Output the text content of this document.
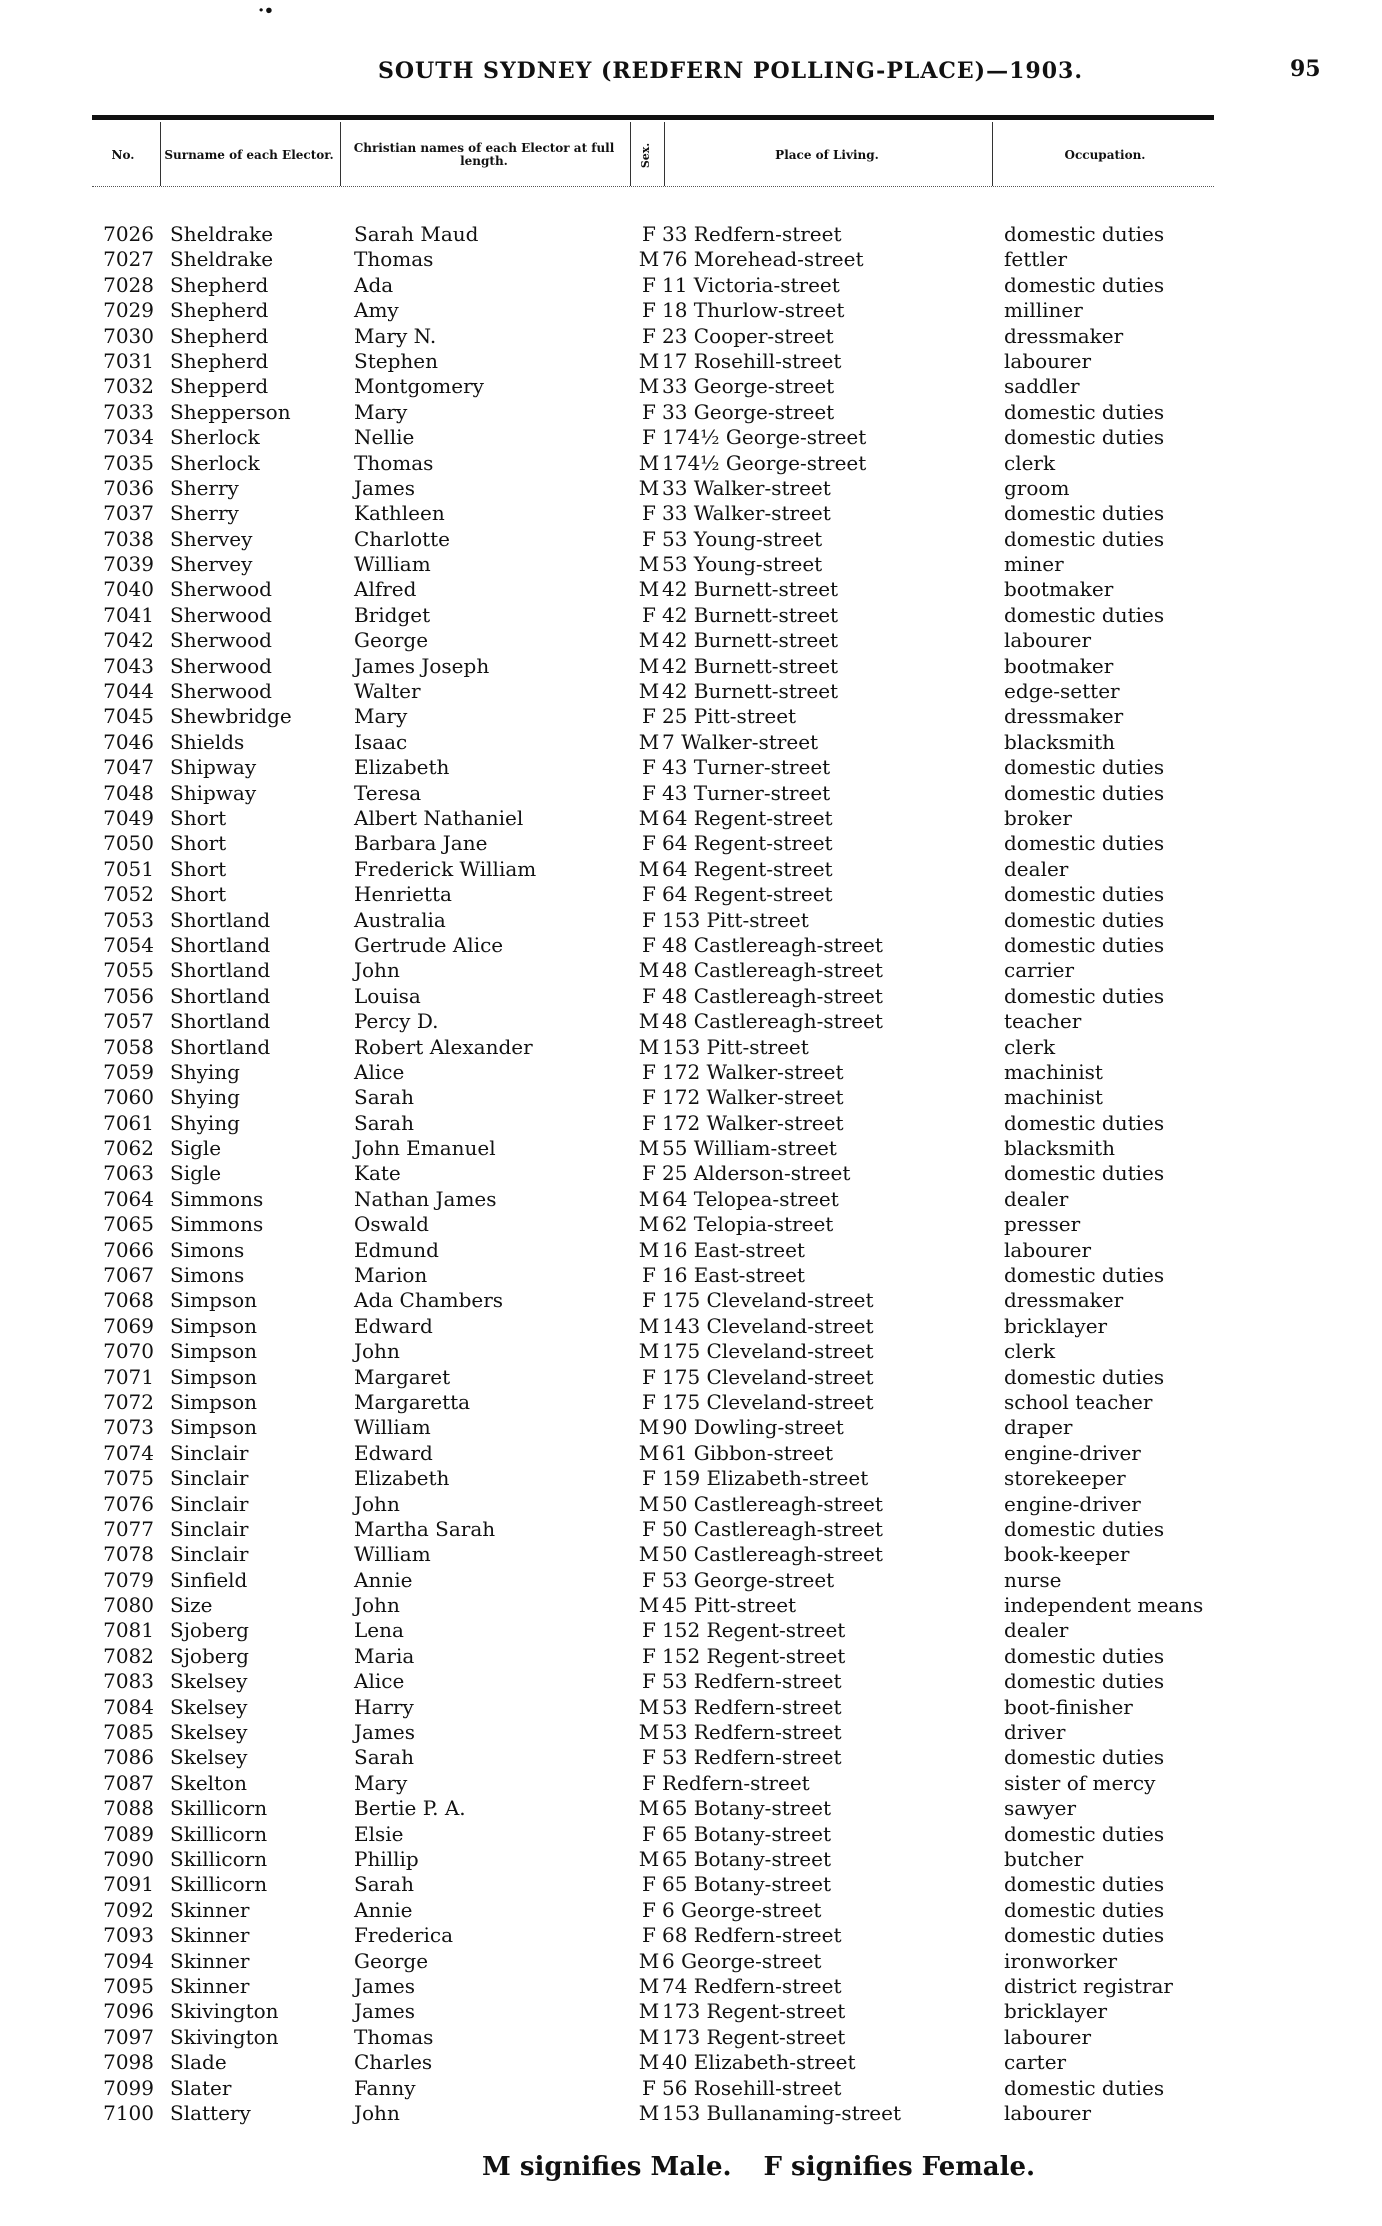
·∙
SOUTH SYDNEY (REDFERN POLLING-PLACE)—1903.	95
No.	Surname of each Elector.	Christian names of each Elector at full length.	Sex.	Place of Living.	Occupation.
7026 Sheldrake	Sarah Maud	F 33 Redfern-street	domestic duties
7027 Sheldrake	Thomas	M 76 Morehead-street	fettler
7028 Shepherd	Ada	F 11 Victoria-street	domestic duties
7029 Shepherd	Amy	F 18 Thurlow-street	milliner
7030 Shepherd	Mary N.	F 23 Cooper-street	dressmaker
7031 Shepherd	Stephen	M 17 Rosehill-street	labourer
7032 Shepperd	Montgomery	M 33 George-street	saddler
7033 Shepperson	Mary	F 33 George-street	domestic duties
7034 Sherlock	Nellie	F 174½ George-street	domestic duties
7035 Sherlock	Thomas	M 174½ George-street	clerk
7036 Sherry	James	M 33 Walker-street	groom
7037 Sherry	Kathleen	F 33 Walker-street	domestic duties
7038 Shervey	Charlotte	F 53 Young-street	domestic duties
7039 Shervey	William	M 53 Young-street	miner
7040 Sherwood	Alfred	M 42 Burnett-street	bootmaker
7041 Sherwood	Bridget	F 42 Burnett-street	domestic duties
7042 Sherwood	George	M 42 Burnett-street	labourer
7043 Sherwood	James Joseph	M 42 Burnett-street	bootmaker
7044 Sherwood	Walter	M 42 Burnett-street	edge-setter
7045 Shewbridge	Mary	F 25 Pitt-street	dressmaker
7046 Shields	Isaac	M 7 Walker-street	blacksmith
7047 Shipway	Elizabeth	F 43 Turner-street	domestic duties
7048 Shipway	Teresa	F 43 Turner-street	domestic duties
7049 Short	Albert Nathaniel	M 64 Regent-street	broker
7050 Short	Barbara Jane	F 64 Regent-street	domestic duties
7051 Short	Frederick William	M 64 Regent-street	dealer
7052 Short	Henrietta	F 64 Regent-street	domestic duties
7053 Shortland	Australia	F 153 Pitt-street	domestic duties
7054 Shortland	Gertrude Alice	F 48 Castlereagh-street	domestic duties
7055 Shortland	John	M 48 Castlereagh-street	carrier
7056 Shortland	Louisa	F 48 Castlereagh-street	domestic duties
7057 Shortland	Percy D.	M 48 Castlereagh-street	teacher
7058 Shortland	Robert Alexander	M 153 Pitt-street	clerk
7059 Shying	Alice	F 172 Walker-street	machinist
7060 Shying	Sarah	F 172 Walker-street	machinist
7061 Shying	Sarah	F 172 Walker-street	domestic duties
7062 Sigle	John Emanuel	M 55 William-street	blacksmith
7063 Sigle	Kate	F 25 Alderson-street	domestic duties
7064 Simmons	Nathan James	M 64 Telopea-street	dealer
7065 Simmons	Oswald	M 62 Telopia-street	presser
7066 Simons	Edmund	M 16 East-street	labourer
7067 Simons	Marion	F 16 East-street	domestic duties
7068 Simpson	Ada Chambers	F 175 Cleveland-street	dressmaker
7069 Simpson	Edward	M 143 Cleveland-street	bricklayer
7070 Simpson	John	M 175 Cleveland-street	clerk
7071 Simpson	Margaret	F 175 Cleveland-street	domestic duties
7072 Simpson	Margaretta	F 175 Cleveland-street	school teacher
7073 Simpson	William	M 90 Dowling-street	draper
7074 Sinclair	Edward	M 61 Gibbon-street	engine-driver
7075 Sinclair	Elizabeth	F 159 Elizabeth-street	storekeeper
7076 Sinclair	John	M 50 Castlereagh-street	engine-driver
7077 Sinclair	Martha Sarah	F 50 Castlereagh-street	domestic duties
7078 Sinclair	William	M 50 Castlereagh-street	book-keeper
7079 Sinfield	Annie	F 53 George-street	nurse
7080 Size	John	M 45 Pitt-street	independent means
7081 Sjoberg	Lena	F 152 Regent-street	dealer
7082 Sjoberg	Maria	F 152 Regent-street	domestic duties
7083 Skelsey	Alice	F 53 Redfern-street	domestic duties
7084 Skelsey	Harry	M 53 Redfern-street	boot-finisher
7085 Skelsey	James	M 53 Redfern-street	driver
7086 Skelsey	Sarah	F 53 Redfern-street	domestic duties
7087 Skelton	Mary	F Redfern-street	sister of mercy
7088 Skillicorn	Bertie P. A.	M 65 Botany-street	sawyer
7089 Skillicorn	Elsie	F 65 Botany-street	domestic duties
7090 Skillicorn	Phillip	M 65 Botany-street	butcher
7091 Skillicorn	Sarah	F 65 Botany-street	domestic duties
7092 Skinner	Annie	F 6 George-street	domestic duties
7093 Skinner	Frederica	F 68 Redfern-street	domestic duties
7094 Skinner	George	M 6 George-street	ironworker
7095 Skinner	James	M 74 Redfern-street	district registrar
7096 Skivington	James	M 173 Regent-street	bricklayer
7097 Skivington	Thomas	M 173 Regent-street	labourer
7098 Slade	Charles	M 40 Elizabeth-street	carter
7099 Slater	Fanny	F 56 Rosehill-street	domestic duties
7100 Slattery	John	M 153 Bullanaming-street	labourer
M signifies Male. F signifies Female.
